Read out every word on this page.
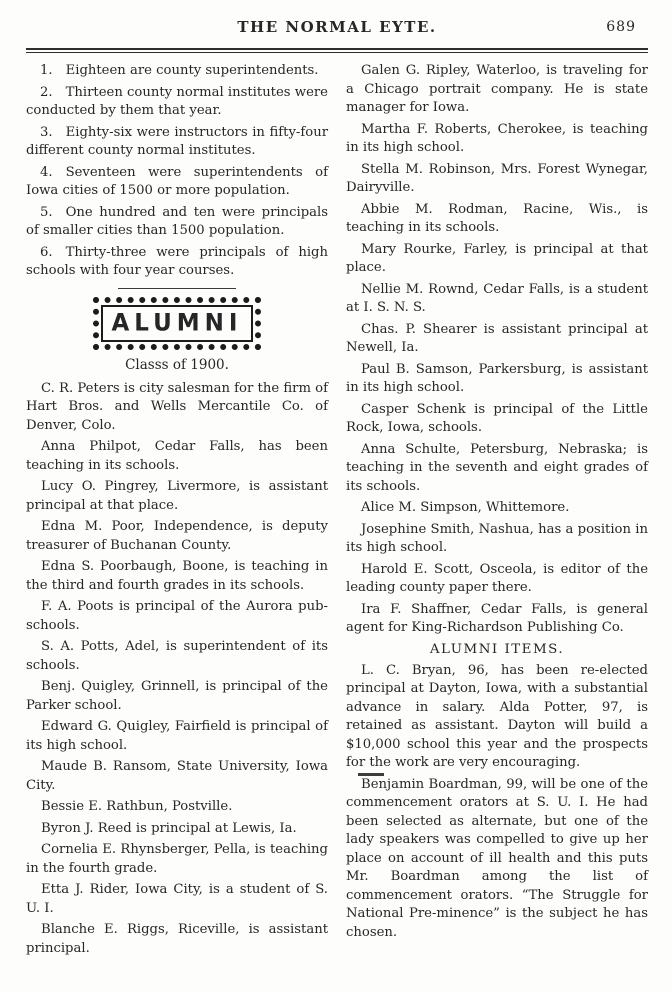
THE NORMAL EYTE.	689

1. Eighteen are county superintendents.

2. Thirteen county normal institutes were conducted by them that year.

3. Eighty-six were instructors in fifty-four different county normal institutes.

4. Seventeen were superintendents of Iowa cities of 1500 or more population.

5. One hundred and ten were principals of smaller cities than 1500 population.

6. Thirty-three were principals of high schools with four year courses.

ALUMNI
Classs of 1900.

C. R. Peters is city salesman for the firm of Hart Bros. and Wells Mercantile Co. of Denver, Colo.

Anna Philpot, Cedar Falls, has been teaching in its schools.

Lucy O. Pingrey, Livermore, is assistant principal at that place.

Edna M. Poor, Independence, is deputy treasurer of Buchanan County.

Edna S. Poorbaugh, Boone, is teaching in the third and fourth grades in its schools.

F. A. Poots is principal of the Aurora pub-schools.

S. A. Potts, Adel, is superintendent of its schools.

Benj. Quigley, Grinnell, is principal of the Parker school.

Edward G. Quigley, Fairfield is principal of its high school.

Maude B. Ransom, State University, Iowa City.

Bessie E. Rathbun, Postville.

Byron J. Reed is principal at Lewis, Ia.

Cornelia E. Rhynsberger, Pella, is teaching in the fourth grade.

Etta J. Rider, Iowa City, is a student of S. U. I.

Blanche E. Riggs, Riceville, is assistant principal.

Galen G. Ripley, Waterloo, is traveling for a Chicago portrait company. He is state manager for Iowa.

Martha F. Roberts, Cherokee, is teaching in its high school.

Stella M. Robinson, Mrs. Forest Wynegar, Dairyville.

Abbie M. Rodman, Racine, Wis., is teaching in its schools.

Mary Rourke, Farley, is principal at that place.

Nellie M. Rownd, Cedar Falls, is a student at I. S. N. S.

Chas. P. Shearer is assistant principal at Newell, Ia.

Paul B. Samson, Parkersburg, is assistant in its high school.

Casper Schenk is principal of the Little Rock, Iowa, schools.

Anna Schulte, Petersburg, Nebraska; is teaching in the seventh and eight grades of its schools.

Alice M. Simpson, Whittemore.

Josephine Smith, Nashua, has a position in its high school.

Harold E. Scott, Osceola, is editor of the leading county paper there.

Ira F. Shaffner, Cedar Falls, is general agent for King-Richardson Publishing Co.

ALUMNI ITEMS.

L. C. Bryan, 96, has been re-elected principal at Dayton, Iowa, with a substantial advance in salary. Alda Potter, 97, is retained as assistant. Dayton will build a $10,000 school this year and the prospects for the work are very encouraging.

Benjamin Boardman, 99, will be one of the commencement orators at S. U. I. He had been selected as alternate, but one of the lady speakers was compelled to give up her place on account of ill health and this puts Mr. Boardman among the list of commencement orators. “The Struggle for National Pre-minence” is the subject he has chosen.
